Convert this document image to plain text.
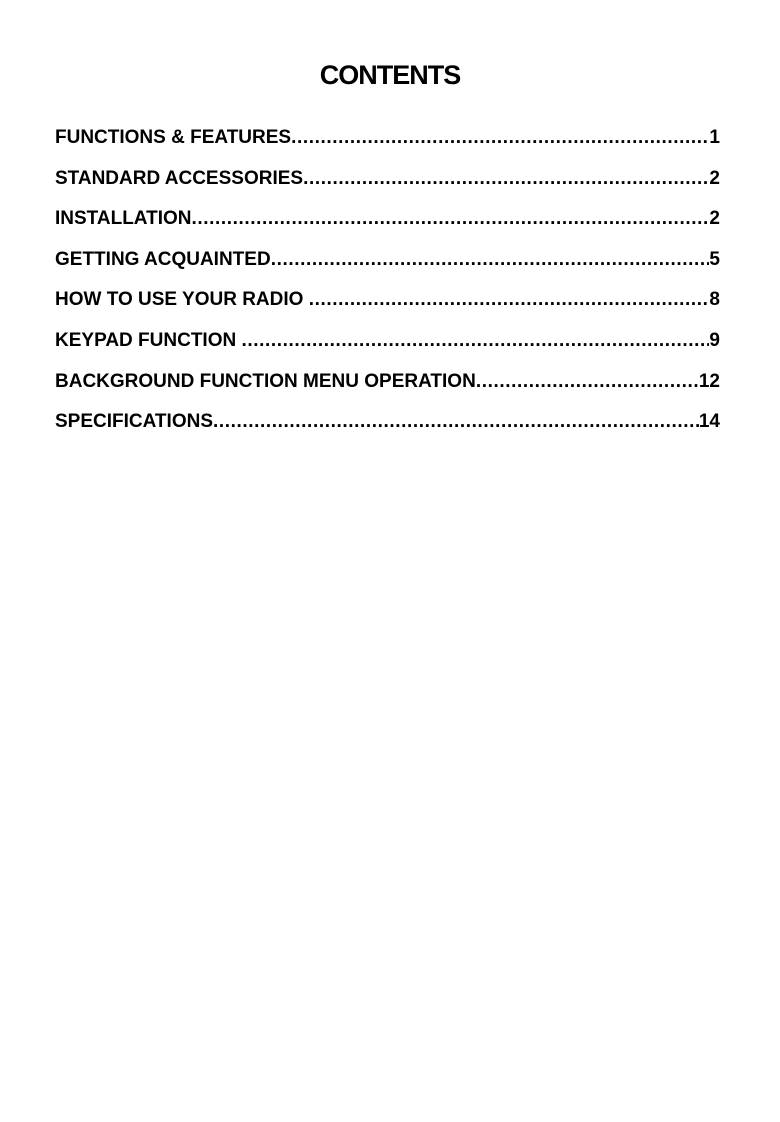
CONTENTS
FUNCTIONS & FEATURES .....	1
STANDARD ACCESSORIES .....	2
INSTALLATION .....	2
GETTING ACQUAINTED .....	5
HOW TO USE YOUR RADIO .....	8
KEYPAD FUNCTION .....	9
BACKGROUND FUNCTION MENU OPERATION .....	12
SPECIFICATIONS .....	14
